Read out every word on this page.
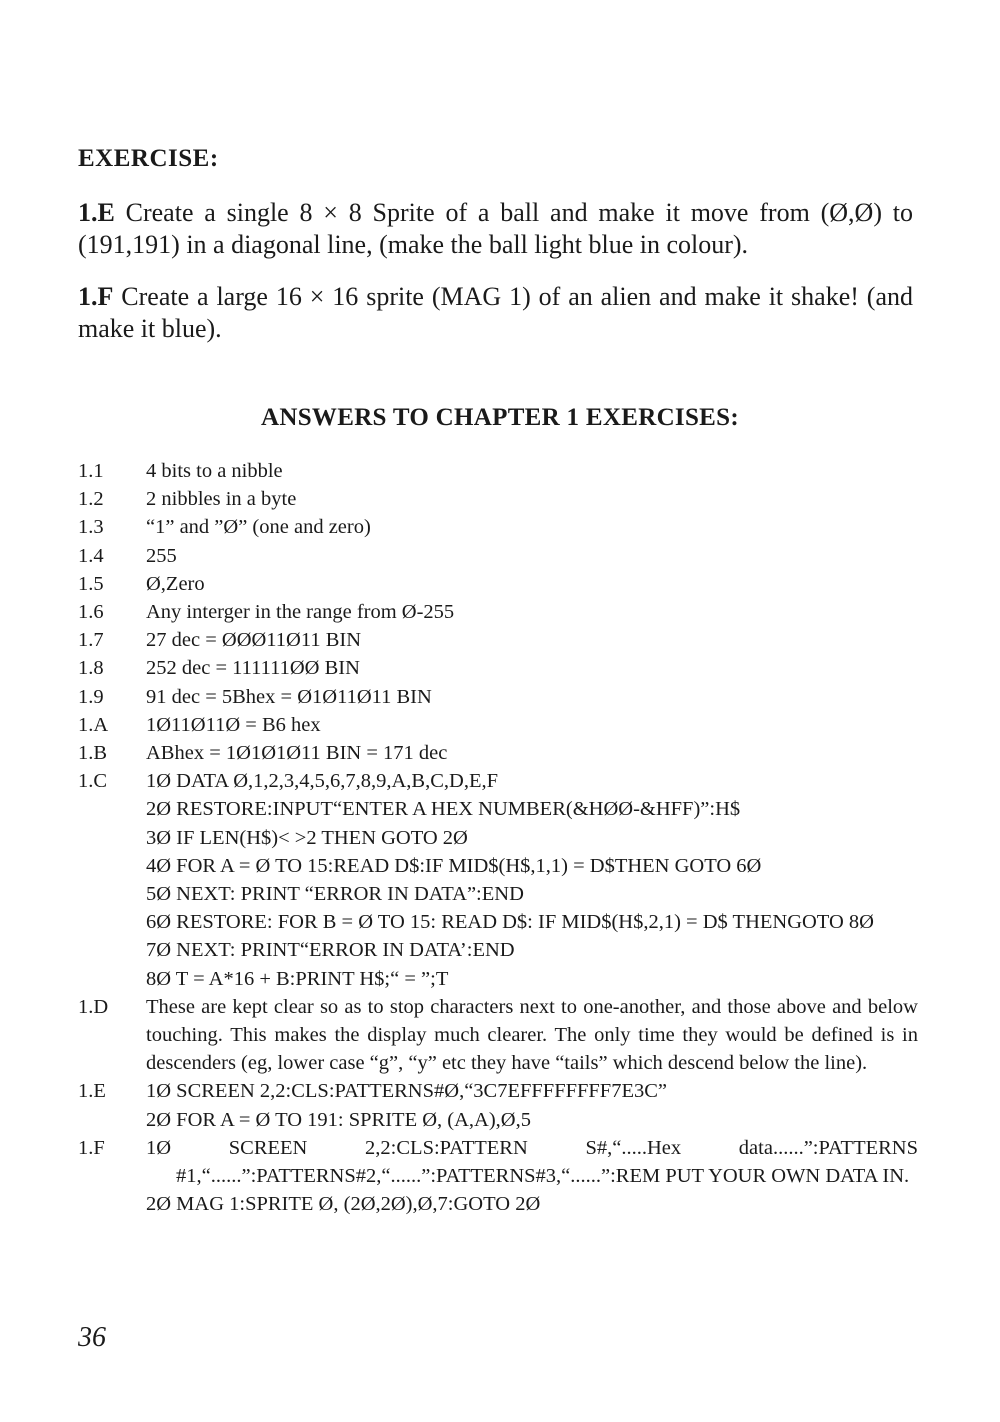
EXERCISE:
1.E Create a single 8 × 8 Sprite of a ball and make it move from (Ø,Ø) to (191,191) in a diagonal line, (make the ball light blue in colour).
1.F Create a large 16 × 16 sprite (MAG 1) of an alien and make it shake! (and make it blue).
ANSWERS TO CHAPTER 1 EXERCISES:
1.1	4 bits to a nibble
1.2	2 nibbles in a byte
1.3	“1” and ”Ø” (one and zero)
1.4	255
1.5	Ø,Zero
1.6	Any interger in the range from Ø-255
1.7	27 dec = ØØØ11Ø11 BIN
1.8	252 dec = 111111ØØ BIN
1.9	91 dec = 5Bhex = Ø1Ø11Ø11 BIN
1.A	1Ø11Ø11Ø = B6 hex
1.B	ABhex = 1Ø1Ø1Ø11 BIN = 171 dec
1.C	1Ø DATA Ø,1,2,3,4,5,6,7,8,9,A,B,C,D,E,F
2Ø RESTORE:INPUT“ENTER A HEX NUMBER(&HØØ-&HFF)”:H$
3Ø IF LEN(H$)< >2 THEN GOTO 2Ø
4Ø FOR A = Ø TO 15:READ D$:IF MID$(H$,1,1) = D$THEN GOTO 6Ø
5Ø NEXT: PRINT “ERROR IN DATA”:END
6Ø RESTORE: FOR B = Ø TO 15: READ D$: IF MID$(H$,2,1) = D$ THENGOTO 8Ø
7Ø NEXT: PRINT“ERROR IN DATA’:END
8Ø T = A*16 + B:PRINT H$;“ = ”;T
1.D	These are kept clear so as to stop characters next to one-another, and those above and below touching. This makes the display much clearer. The only time they would be defined is in descenders (eg, lower case “g”, “y” etc they have “tails” which descend below the line).
1.E	1Ø SCREEN 2,2:CLS:PATTERNS#Ø,“3C7EFFFFFFFF7E3C”
2Ø FOR A = Ø TO 191: SPRITE Ø, (A,A),Ø,5
1.F	1Ø SCREEN 2,2:CLS:PATTERN S#,“.....Hex data......”:PATTERNS #1,“......”:PATTERNS#2,“......”:PATTERNS#3,“......”:REM PUT YOUR OWN DATA IN.
2Ø MAG 1:SPRITE Ø, (2Ø,2Ø),Ø,7:GOTO 2Ø
36
